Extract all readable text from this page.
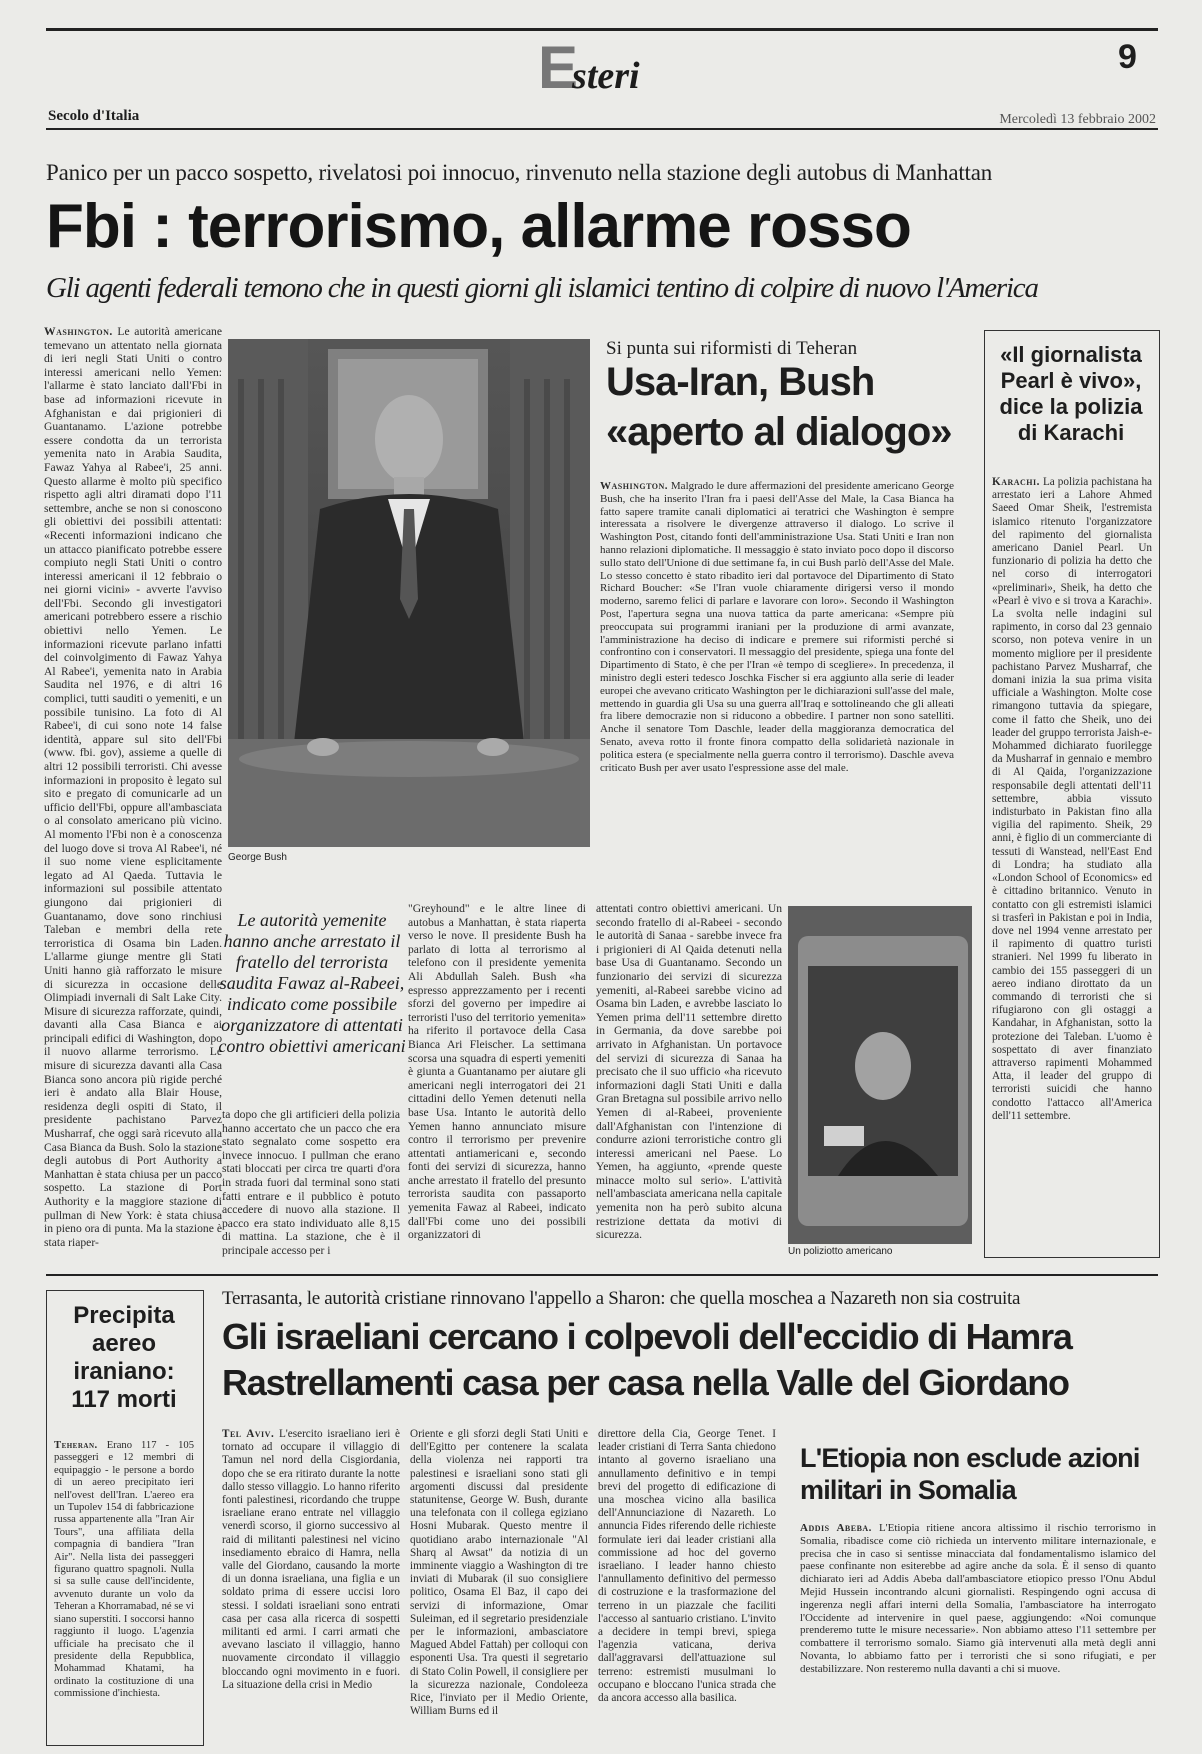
Esteri	9
Secolo d'Italia	Mercoledì 13 febbraio 2002
Panico per un pacco sospetto, rivelatosi poi innocuo, rinvenuto nella stazione degli autobus di Manhattan
Fbi : terrorismo, allarme rosso
Gli agenti federali temono che in questi giorni gli islamici tentino di colpire di nuovo l'America

Washington. Le autorità americane temevano un attentato nella giornata di ieri negli Stati Uniti o contro interessi americani nello Yemen: l'allarme è stato lanciato dall'Fbi in base ad informazioni ricevute in Afghanistan e dai prigionieri di Guantanamo. L'azione potrebbe essere condotta da un terrorista yemenita nato in Arabia Saudita, Fawaz Yahya al Rabee'i, 25 anni. Questo allarme è molto più specifico rispetto agli altri diramati dopo l'11 settembre, anche se non si conoscono gli obiettivi dei possibili attentati: «Recenti informazioni indicano che un attacco pianificato potrebbe essere compiuto negli Stati Uniti o contro interessi americani il 12 febbraio o nei giorni vicini» - avverte l'avviso dell'Fbi. Secondo gli investigatori americani potrebbero essere a rischio obiettivi nello Yemen. Le informazioni ricevute parlano infatti del coinvolgimento di Fawaz Yahya Al Rabee'i, yemenita nato in Arabia Saudita nel 1976, e di altri 16 complici, tutti sauditi o yemeniti, e un possibile tunisino. La foto di Al Rabee'i, di cui sono note 14 false identità, appare sul sito dell'Fbi (www. fbi. gov), assieme a quelle di altri 12 possibili terroristi. Chi avesse informazioni in proposito è legato sul sito e pregato di comunicarle ad un ufficio dell'Fbi, oppure all'ambasciata o al consolato americano più vicino. Al momento l'Fbi non è a conoscenza del luogo dove si trova Al Rabee'i, né il suo nome viene esplicitamente legato ad Al Qaeda. Tuttavia le informazioni sul possibile attentato giungono dai prigionieri di Guantanamo, dove sono rinchiusi Taleban e membri della rete terroristica di Osama bin Laden. L'allarme giunge mentre gli Stati Uniti hanno già rafforzato le misure di sicurezza in occasione delle Olimpiadi invernali di Salt Lake City. Misure di sicurezza rafforzate, quindi, davanti alla Casa Bianca e ai principali edifici di Washington, dopo il nuovo allarme terrorismo. Le misure di sicurezza davanti alla Casa Bianca sono ancora più rigide perché ieri è andato alla Blair House, residenza degli ospiti di Stato, il presidente pachistano Parvez Musharraf, che oggi sarà ricevuto alla Casa Bianca da Bush. Solo la stazione degli autobus di Port Authority a Manhattan è stata chiusa per un pacco sospetto. La stazione di Port Authority e la maggiore stazione di pullman di New York: è stata chiusa in pieno ora di punta. Ma la stazione è stata riaper-

George Bush
Le autorità yemenite hanno anche arrestato il fratello del terrorista saudita Fawaz al-Rabeei, indicato come possibile organizzatore di attentati contro obiettivi americani

ta dopo che gli artificieri della polizia hanno accertato che un pacco che era stato segnalato come sospetto era invece innocuo. I pullman che erano stati bloccati per circa tre quarti d'ora in strada fuori dal terminal sono stati fatti entrare e il pubblico è potuto accedere di nuovo alla stazione. Il pacco era stato individuato alle 8,15 di mattina. La stazione, che è il principale accesso per i

"Greyhound" e le altre linee di autobus a Manhattan, è stata riaperta verso le nove. Il presidente Bush ha parlato di lotta al terrorismo al telefono con il presidente yemenita Ali Abdullah Saleh. Bush «ha espresso apprezzamento per i recenti sforzi del governo per impedire ai terroristi l'uso del territorio yemenita» ha riferito il portavoce della Casa Bianca Ari Fleischer. La settimana scorsa una squadra di esperti yemeniti è giunta a Guantanamo per aiutare gli americani negli interrogatori dei 21 cittadini dello Yemen detenuti nella base Usa. Intanto le autorità dello Yemen hanno annunciato misure contro il terrorismo per prevenire attentati antiamericani e, secondo fonti dei servizi di sicurezza, hanno anche arrestato il fratello del presunto terrorista saudita con passaporto yemenita Fawaz al Rabeei, indicato dall'Fbi come uno dei possibili organizzatori di

attentati contro obiettivi americani. Un secondo fratello di al-Rabeei - secondo le autorità di Sanaa - sarebbe invece fra i prigionieri di Al Qaida detenuti nella base Usa di Guantanamo. Secondo un funzionario dei servizi di sicurezza yemeniti, al-Rabeei sarebbe vicino ad Osama bin Laden, e avrebbe lasciato lo Yemen prima dell'11 settembre diretto in Germania, da dove sarebbe poi arrivato in Afghanistan. Un portavoce del servizi di sicurezza di Sanaa ha precisato che il suo ufficio «ha ricevuto informazioni dagli Stati Uniti e dalla Gran Bretagna sul possibile arrivo nello Yemen di al-Rabeei, proveniente dall'Afghanistan con l'intenzione di condurre azioni terroristiche contro gli interessi americani nel Paese. Lo Yemen, ha aggiunto, «prende queste minacce molto sul serio». L'attività nell'ambasciata americana nella capitale yemenita non ha però subito alcuna restrizione dettata da motivi di sicurezza.

Un poliziotto americano
Si punta sui riformisti di Teheran
Usa-Iran, Bush
«aperto al dialogo»

Washington. Malgrado le dure affermazioni del presidente americano George Bush, che ha inserito l'Iran fra i paesi dell'Asse del Male, la Casa Bianca ha fatto sapere tramite canali diplomatici ai teratrici che Washington è sempre interessata a risolvere le divergenze attraverso il dialogo. Lo scrive il Washington Post, citando fonti dell'amministrazione Usa. Stati Uniti e Iran non hanno relazioni diplomatiche. Il messaggio è stato inviato poco dopo il discorso sullo stato dell'Unione di due settimane fa, in cui Bush parlò dell'Asse del Male. Lo stesso concetto è stato ribadito ieri dal portavoce del Dipartimento di Stato Richard Boucher: «Se l'Iran vuole chiaramente dirigersi verso il mondo moderno, saremo felici di parlare e lavorare con loro». Secondo il Washington Post, l'apertura segna una nuova tattica da parte americana: «Sempre più preoccupata sui programmi iraniani per la produzione di armi avanzate, l'amministrazione ha deciso di indicare e premere sui riformisti perché si confrontino con i conservatori. Il messaggio del presidente, spiega una fonte del Dipartimento di Stato, è che per l'Iran «è tempo di scegliere». In precedenza, il ministro degli esteri tedesco Joschka Fischer si era aggiunto alla serie di leader europei che avevano criticato Washington per le dichiarazioni sull'asse del male, mettendo in guardia gli Usa su una guerra all'Iraq e sottolineando che gli alleati fra libere democrazie non si riducono a obbedire. I partner non sono satelliti. Anche il senatore Tom Daschle, leader della maggioranza democratica del Senato, aveva rotto il fronte finora compatto della solidarietà nazionale in politica estera (e specialmente nella guerra contro il terrorismo). Daschle aveva criticato Bush per aver usato l'espressione asse del male.

«Il giornalista Pearl è vivo», dice la polizia di Karachi

Karachi. La polizia pachistana ha arrestato ieri a Lahore Ahmed Saeed Omar Sheik, l'estremista islamico ritenuto l'organizzatore del rapimento del giornalista americano Daniel Pearl. Un funzionario di polizia ha detto che nel corso di interrogatori «preliminari», Sheik, ha detto che «Pearl è vivo e si trova a Karachi». La svolta nelle indagini sul rapimento, in corso dal 23 gennaio scorso, non poteva venire in un momento migliore per il presidente pachistano Parvez Musharraf, che domani inizia la sua prima visita ufficiale a Washington. Molte cose rimangono tuttavia da spiegare, come il fatto che Sheik, uno dei leader del gruppo terrorista Jaish-e-Mohammed dichiarato fuorilegge da Musharraf in gennaio e membro di Al Qaida, l'organizzazione responsabile degli attentati dell'11 settembre, abbia vissuto indisturbato in Pakistan fino alla vigilia del rapimento. Sheik, 29 anni, è figlio di un commerciante di tessuti di Wanstead, nell'East End di Londra; ha studiato alla «London School of Economics» ed è cittadino britannico. Venuto in contatto con gli estremisti islamici si trasferì in Pakistan e poi in India, dove nel 1994 venne arrestato per il rapimento di quattro turisti stranieri. Nel 1999 fu liberato in cambio dei 155 passeggeri di un aereo indiano dirottato da un commando di terroristi che si rifugiarono con gli ostaggi a Kandahar, in Afghanistan, sotto la protezione dei Taleban. L'uomo è sospettato di aver finanziato attraverso rapimenti Mohammed Atta, il leader del gruppo di terroristi suicidi che hanno condotto l'attacco all'America dell'11 settembre.

Precipita aereo iraniano: 117 morti

Teheran. Erano 117 - 105 passeggeri e 12 membri di equipaggio - le persone a bordo di un aereo precipitato ieri nell'ovest dell'Iran. L'aereo era un Tupolev 154 di fabbricazione russa appartenente alla "Iran Air Tours", una affiliata della compagnia di bandiera "Iran Air". Nella lista dei passeggeri figurano quattro spagnoli. Nulla si sa sulle cause dell'incidente, avvenuto durante un volo da Teheran a Khorramabad, né se vi siano superstiti. I soccorsi hanno raggiunto il luogo. L'agenzia ufficiale ha precisato che il presidente della Repubblica, Mohammad Khatami, ha ordinato la costituzione di una commissione d'inchiesta.

Terrasanta, le autorità cristiane rinnovano l'appello a Sharon: che quella moschea a Nazareth non sia costruita
Gli israeliani cercano i colpevoli dell'eccidio di Hamra
Rastrellamenti casa per casa nella Valle del Giordano

Tel Aviv. L'esercito israeliano ieri è tornato ad occupare il villaggio di Tamun nel nord della Cisgiordania, dopo che se era ritirato durante la notte dallo stesso villaggio. Lo hanno riferito fonti palestinesi, ricordando che truppe israeliane erano entrate nel villaggio venerdì scorso, il giorno successivo al raid di militanti palestinesi nel vicino insediamento ebraico di Hamra, nella valle del Giordano, causando la morte di un donna israeliana, una figlia e un soldato prima di essere uccisi loro stessi. I soldati israeliani sono entrati casa per casa alla ricerca di sospetti militanti ed armi. I carri armati che avevano lasciato il villaggio, hanno nuovamente circondato il villaggio bloccando ogni movimento in e fuori. La situazione della crisi in Medio

Oriente e gli sforzi degli Stati Uniti e dell'Egitto per contenere la scalata della violenza nei rapporti tra palestinesi e israeliani sono stati gli argomenti discussi dal presidente statunitense, George W. Bush, durante una telefonata con il collega egiziano Hosni Mubarak. Questo mentre il quotidiano arabo internazionale "Al Sharq al Awsat" da notizia di un imminente viaggio a Washington di tre inviati di Mubarak (il suo consigliere politico, Osama El Baz, il capo dei servizi di informazione, Omar Suleiman, ed il segretario presidenziale per le informazioni, ambasciatore Magued Abdel Fattah) per colloqui con esponenti Usa. Tra questi il segretario di Stato Colin Powell, il consigliere per la sicurezza nazionale, Condoleeza Rice, l'inviato per il Medio Oriente, William Burns ed il

direttore della Cia, George Tenet. I leader cristiani di Terra Santa chiedono intanto al governo israeliano una annullamento definitivo e in tempi brevi del progetto di edificazione di una moschea vicino alla basilica dell'Annunciazione di Nazareth. Lo annuncia Fides riferendo delle richieste formulate ieri dai leader cristiani alla commissione ad hoc del governo israeliano. I leader hanno chiesto l'annullamento definitivo del permesso di costruzione e la trasformazione del terreno in un piazzale che faciliti l'accesso al santuario cristiano. L'invito a decidere in tempi brevi, spiega l'agenzia vaticana, deriva dall'aggravarsi dell'attuazione sul terreno: estremisti musulmani lo occupano e bloccano l'unica strada che da ancora accesso alla basilica.

L'Etiopia non esclude azioni militari in Somalia

Addis Abeba. L'Etiopia ritiene ancora altissimo il rischio terrorismo in Somalia, ribadisce come ciò richieda un intervento militare internazionale, e precisa che in caso si sentisse minacciata dal fondamentalismo islamico del paese confinante non esiterebbe ad agire anche da sola. È il senso di quanto dichiarato ieri ad Addis Abeba dall'ambasciatore etiopico presso l'Onu Abdul Mejid Hussein incontrando alcuni giornalisti. Respingendo ogni accusa di ingerenza negli affari interni della Somalia, l'ambasciatore ha interrogato l'Occidente ad intervenire in quel paese, aggiungendo: «Noi comunque prenderemo tutte le misure necessarie». Non abbiamo atteso l'11 settembre per combattere il terrorismo somalo. Siamo già intervenuti alla metà degli anni Novanta, lo abbiamo fatto per i terroristi che si sono rifugiati, e per destabilizzare. Non resteremo nulla davanti a chi si muove.
